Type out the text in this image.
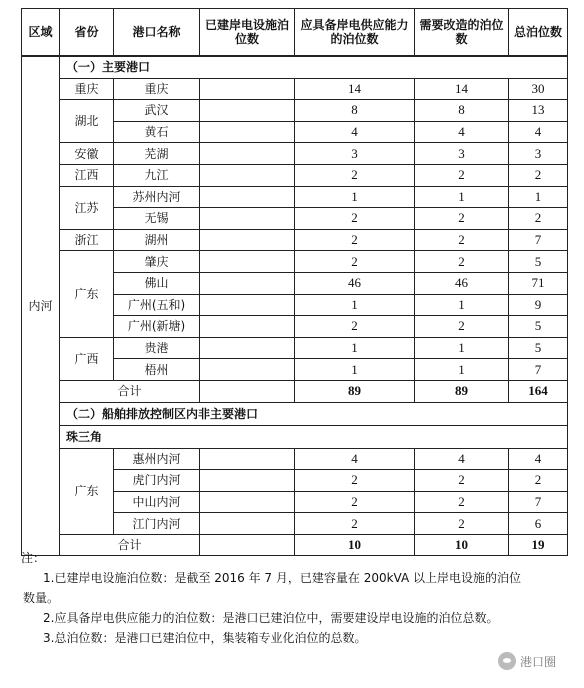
区域	省份	港口名称	已建岸电设施泊位数	应具备岸电供应能力的泊位数	需要改造的泊位数	总泊位数
内河	（一）主要港口					
	重庆	重庆		14	14	30
	湖北	武汉		8	8	13
		黄石		4	4	4
	安徽	芜湖		3	3	3
	江西	九江		2	2	2
	江苏	苏州内河		1	1	1
		无锡		2	2	2
	浙江	湖州		2	2	7
	广东	肇庆		2	2	5
		佛山		46	46	71
		广州(五和)		1	1	9
		广州(新塘)		2	2	5
	广西	贵港		1	1	5
		梧州		1	1	7
	合计			89	89	164
	（二）船舶排放控制区内非主要港口					
	珠三角					
	广东	惠州内河		4	4	4
		虎门内河		2	2	2
		中山内河		2	2	7
		江门内河		2	2	6
	合计			10	10	19
注：
1.已建岸电设施泊位数：是截至 2016 年 7 月，已建容量在 200kVA 以上岸电设施的泊位
数量。
2.应具备岸电供应能力的泊位数：是港口已建泊位中，需要建设岸电设施的泊位总数。
3.总泊位数：是港口已建泊位中，集装箱专业化泊位的总数。
港口圈
